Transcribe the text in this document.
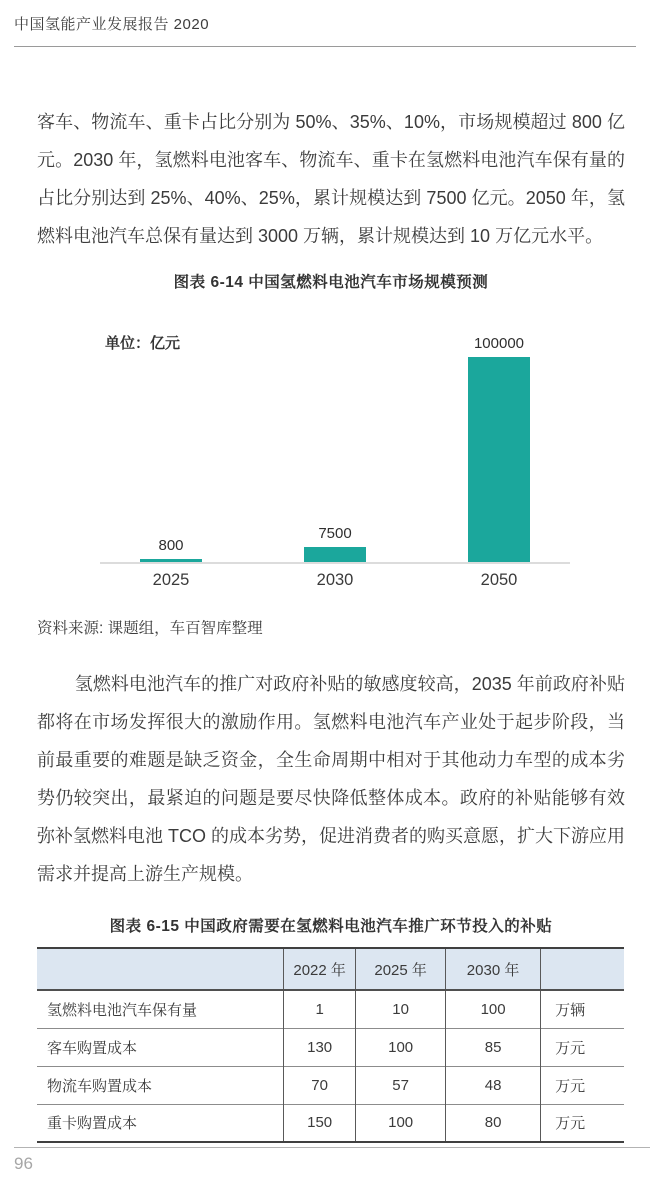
中国氢能产业发展报告 2020

客车、物流车、重卡占比分别为 50%、35%、10%，市场规模超过 800 亿元。2030 年，氢燃料电池客车、物流车、重卡在氢燃料电池汽车保有量的占比分别达到 25%、40%、25%，累计规模达到 7500 亿元。2050 年，氢燃料电池汽车总保有量达到 3000 万辆，累计规模达到 10 万亿元水平。

图表 6-14 中国氢燃料电池汽车市场规模预测
单位：亿元
800
7500
100000
2025	2030	2050
资料来源: 课题组，车百智库整理

氢燃料电池汽车的推广对政府补贴的敏感度较高，2035 年前政府补贴都将在市场发挥很大的激励作用。氢燃料电池汽车产业处于起步阶段，当前最重要的难题是缺乏资金，全生命周期中相对于其他动力车型的成本劣势仍较突出，最紧迫的问题是要尽快降低整体成本。政府的补贴能够有效弥补氢燃料电池 TCO 的成本劣势，促进消费者的购买意愿，扩大下游应用需求并提高上游生产规模。

图表 6-15 中国政府需要在氢燃料电池汽车推广环节投入的补贴
	2022 年	2025 年	2030 年	
氢燃料电池汽车保有量	1	10	100	万辆
客车购置成本	130	100	85	万元
物流车购置成本	70	57	48	万元
重卡购置成本	150	100	80	万元
96
